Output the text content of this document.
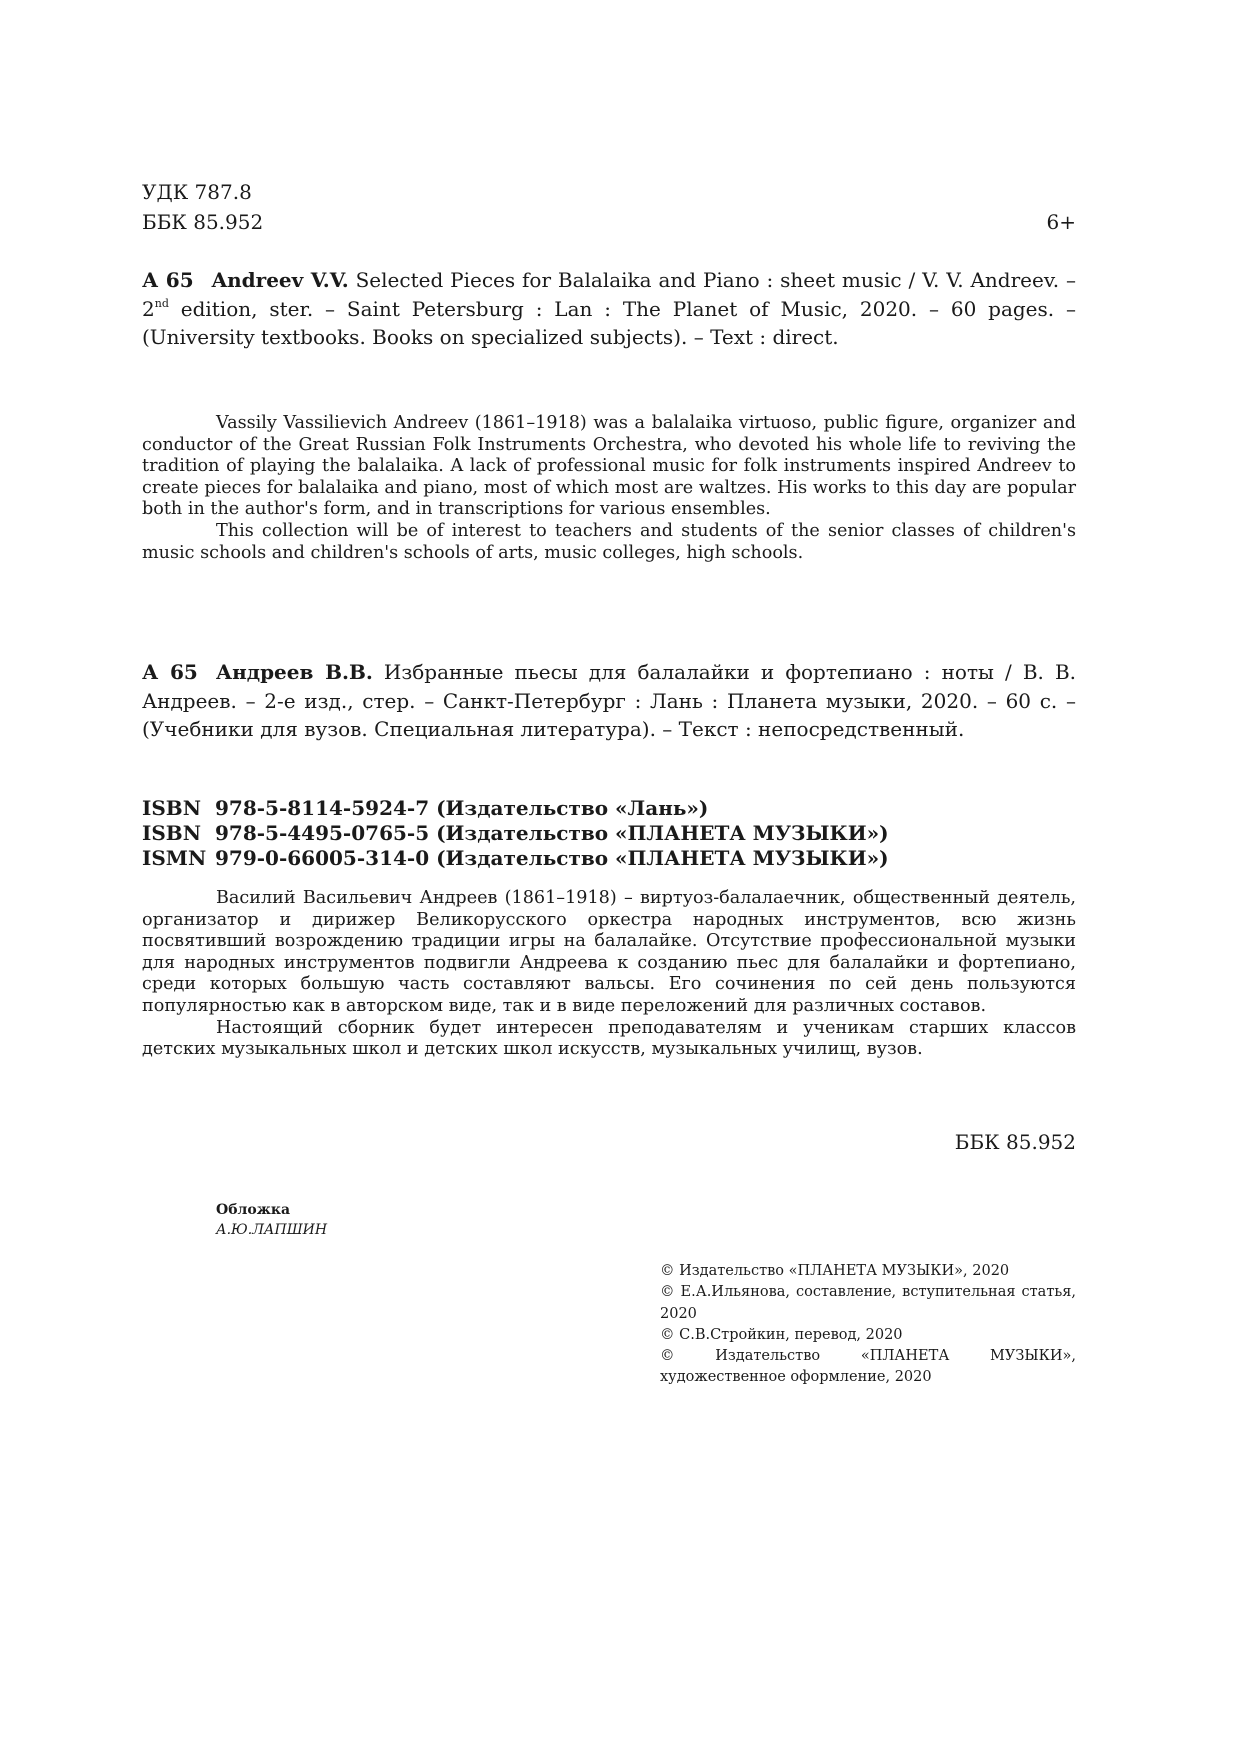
УДК 787.8
ББК 85.952	6+
А 65 Andreev V.V. Selected Pieces for Balalaika and Piano : sheet music / V. V. Andreev. – 2nd edition, ster. – Saint Petersburg : Lan : The Planet of Music, 2020. – 60 pages. – (University textbooks. Books on specialized subjects). – Text : direct.

Vassily Vassilievich Andreev (1861–1918) was a balalaika virtuoso, public figure, organizer and conductor of the Great Russian Folk Instruments Orchestra, who devoted his whole life to reviving the tradition of playing the balalaika. A lack of professional music for folk instruments inspired Andreev to create pieces for balalaika and piano, most of which most are waltzes. His works to this day are popular both in the author's form, and in transcriptions for various ensembles.

This collection will be of interest to teachers and students of the senior classes of children's music schools and children's schools of arts, music colleges, high schools.

А 65 Андреев В.В. Избранные пьесы для балалайки и фортепиано : ноты / В. В. Андреев. – 2-е изд., стер. – Санкт-Петербург : Лань : Планета музыки, 2020. – 60 с. – (Учебники для вузов. Специальная литература). – Текст : непосредственный.
ISBN 978-5-8114-5924-7 (Издательство «Лань»)
ISBN 978-5-4495-0765-5 (Издательство «ПЛАНЕТА МУЗЫКИ»)
ISMN 979-0-66005-314-0 (Издательство «ПЛАНЕТА МУЗЫКИ»)

Василий Васильевич Андреев (1861–1918) – виртуоз-балалаечник, общественный деятель, организатор и дирижер Великорусского оркестра народных инструментов, всю жизнь посвятивший возрождению традиции игры на балалайке. Отсутствие профессиональной музыки для народных инструментов подвигли Андреева к созданию пьес для балалайки и фортепиано, среди которых большую часть составляют вальсы. Его сочинения по сей день пользуются популярностью как в авторском виде, так и в виде переложений для различных составов.

Настоящий сборник будет интересен преподавателям и ученикам старших классов детских музыкальных школ и детских школ искусств, музыкальных училищ, вузов.

ББК 85.952
Обложка
А.Ю.ЛАПШИН
© Издательство «ПЛАНЕТА МУЗЫКИ», 2020
© Е.А.Ильянова, составление, вступительная статья, 2020
© С.В.Стройкин, перевод, 2020
© Издательство «ПЛАНЕТА МУЗЫКИ», художественное оформление, 2020
